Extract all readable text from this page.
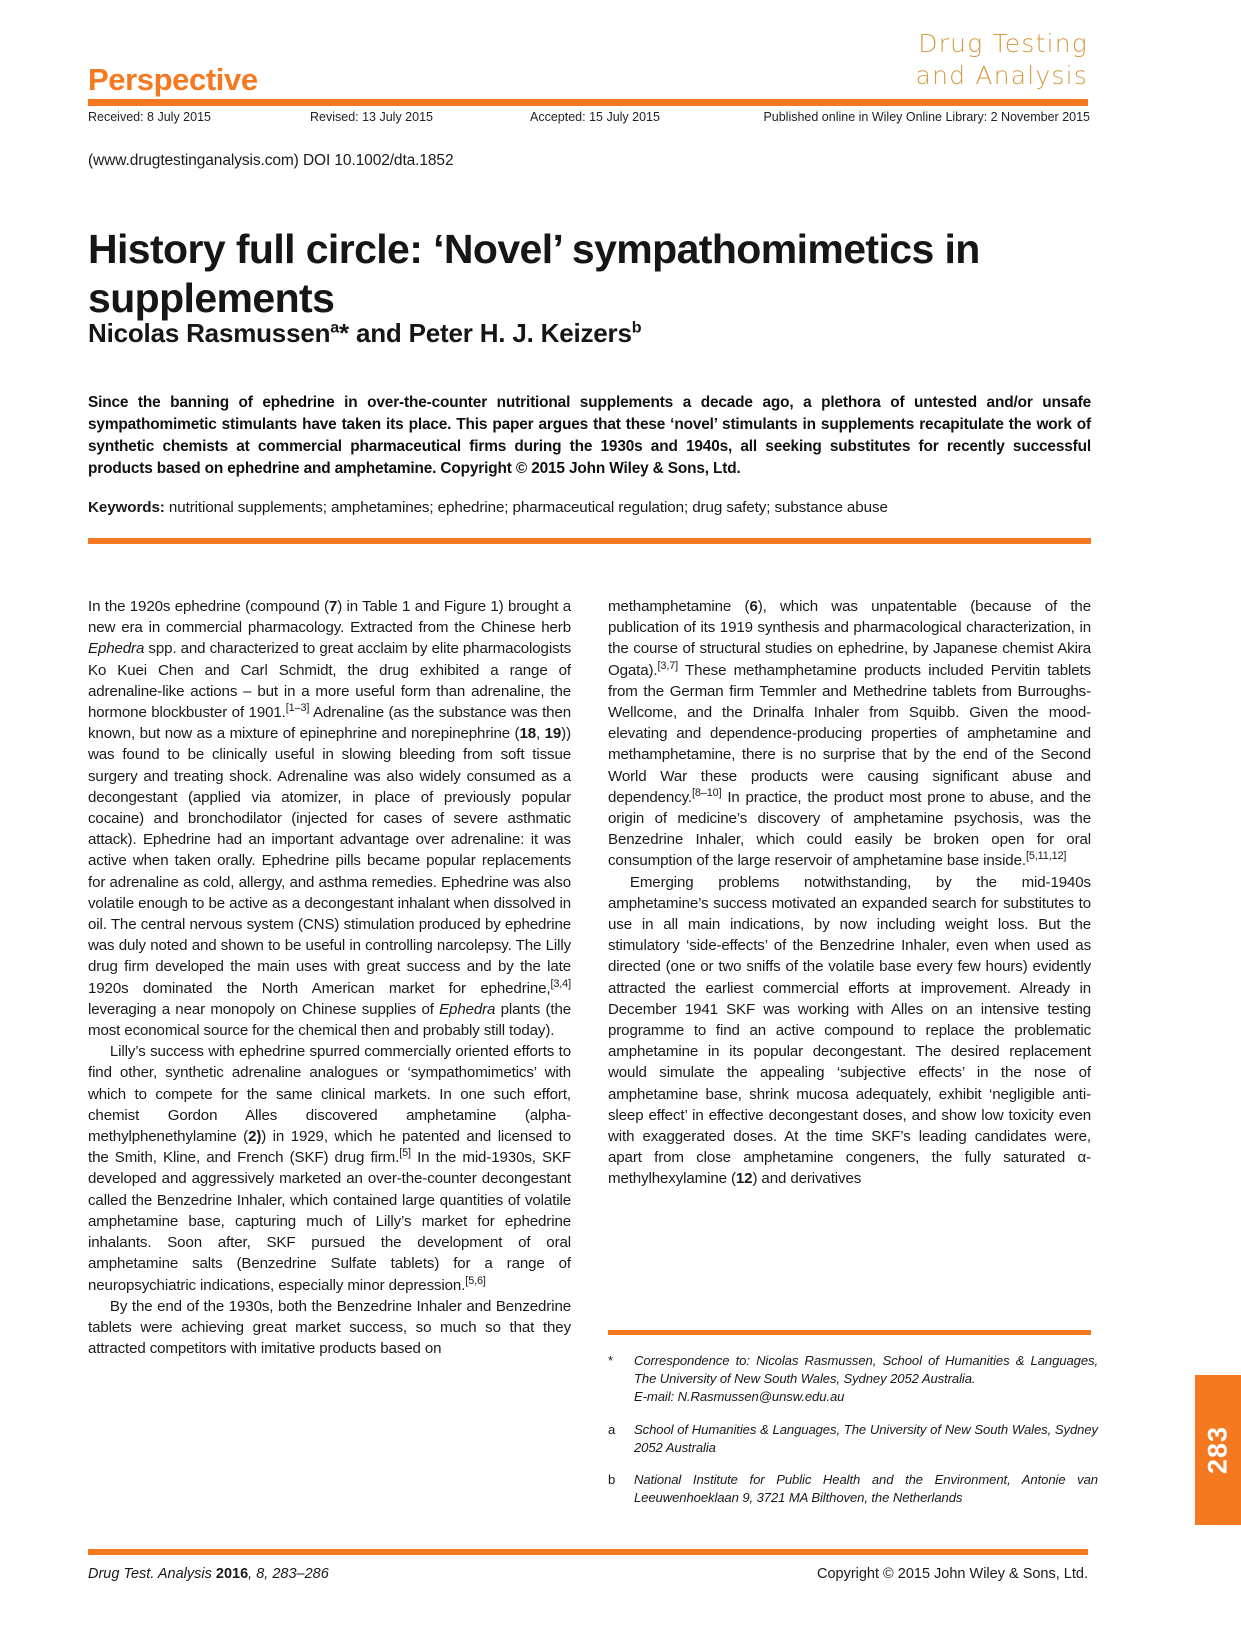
Perspective
Drug Testing
and Analysis
Received: 8 July 2015	Revised: 13 July 2015	Accepted: 15 July 2015	Published online in Wiley Online Library: 2 November 2015
(www.drugtestinganalysis.com) DOI 10.1002/dta.1852
History full circle: ‘Novel’ sympathomimetics in supplements
Nicolas Rasmussen$^a$* and Peter H. J. Keizers$^b$
Since the banning of ephedrine in over-the-counter nutritional supplements a decade ago, a plethora of untested and/or unsafe sympathomimetic stimulants have taken its place. This paper argues that these ‘novel’ stimulants in supplements recapitulate the work of synthetic chemists at commercial pharmaceutical firms during the 1930s and 1940s, all seeking substitutes for recently successful products based on ephedrine and amphetamine. Copyright © 2015 John Wiley & Sons, Ltd.
Keywords: nutritional supplements; amphetamines; ephedrine; pharmaceutical regulation; drug safety; substance abuse

In the 1920s ephedrine (compound (7) in Table 1 and Figure 1) brought a new era in commercial pharmacology. Extracted from the Chinese herb Ephedra spp. and characterized to great acclaim by elite pharmacologists Ko Kuei Chen and Carl Schmidt, the drug exhibited a range of adrenaline-like actions – but in a more useful form than adrenaline, the hormone blockbuster of 1901.[1–3] Adrenaline (as the substance was then known, but now as a mixture of epinephrine and norepinephrine (18, 19)) was found to be clinically useful in slowing bleeding from soft tissue surgery and treating shock. Adrenaline was also widely consumed as a decongestant (applied via atomizer, in place of previously popular cocaine) and bronchodilator (injected for cases of severe asthmatic attack). Ephedrine had an important advantage over adrenaline: it was active when taken orally. Ephedrine pills became popular replacements for adrenaline as cold, allergy, and asthma remedies. Ephedrine was also volatile enough to be active as a decongestant inhalant when dissolved in oil. The central nervous system (CNS) stimulation produced by ephedrine was duly noted and shown to be useful in controlling narcolepsy. The Lilly drug firm developed the main uses with great success and by the late 1920s dominated the North American market for ephedrine,[3,4] leveraging a near monopoly on Chinese supplies of Ephedra plants (the most economical source for the chemical then and probably still today).

Lilly’s success with ephedrine spurred commercially oriented efforts to find other, synthetic adrenaline analogues or ‘sympathomimetics’ with which to compete for the same clinical markets. In one such effort, chemist Gordon Alles discovered amphetamine (alpha-methylphenethylamine (2)) in 1929, which he patented and licensed to the Smith, Kline, and French (SKF) drug firm.[5] In the mid-1930s, SKF developed and aggressively marketed an over-the-counter decongestant called the Benzedrine Inhaler, which contained large quantities of volatile amphetamine base, capturing much of Lilly’s market for ephedrine inhalants. Soon after, SKF pursued the development of oral amphetamine salts (Benzedrine Sulfate tablets) for a range of neuropsychiatric indications, especially minor depression.[5,6]

By the end of the 1930s, both the Benzedrine Inhaler and Benzedrine tablets were achieving great market success, so much so that they attracted competitors with imitative products based on

methamphetamine (6), which was unpatentable (because of the publication of its 1919 synthesis and pharmacological characterization, in the course of structural studies on ephedrine, by Japanese chemist Akira Ogata).[3,7] These methamphetamine products included Pervitin tablets from the German firm Temmler and Methedrine tablets from Burroughs-Wellcome, and the Drinalfa Inhaler from Squibb. Given the mood-elevating and dependence-producing properties of amphetamine and methamphetamine, there is no surprise that by the end of the Second World War these products were causing significant abuse and dependency.[8–10] In practice, the product most prone to abuse, and the origin of medicine’s discovery of amphetamine psychosis, was the Benzedrine Inhaler, which could easily be broken open for oral consumption of the large reservoir of amphetamine base inside.[5,11,12]

Emerging problems notwithstanding, by the mid-1940s amphetamine’s success motivated an expanded search for substitutes to use in all main indications, by now including weight loss. But the stimulatory ‘side-effects’ of the Benzedrine Inhaler, even when used as directed (one or two sniffs of the volatile base every few hours) evidently attracted the earliest commercial efforts at improvement. Already in December 1941 SKF was working with Alles on an intensive testing programme to find an active compound to replace the problematic amphetamine in its popular decongestant. The desired replacement would simulate the appealing ‘subjective effects’ in the nose of amphetamine base, shrink mucosa adequately, exhibit ‘negligible anti-sleep effect’ in effective decongestant doses, and show low toxicity even with exaggerated doses. At the time SKF’s leading candidates were, apart from close amphetamine congeners, the fully saturated α-methylhexylamine (12) and derivatives

* Correspondence to: Nicolas Rasmussen, School of Humanities & Languages, The University of New South Wales, Sydney 2052 Australia.
E-mail: N.Rasmussen@unsw.edu.au
a School of Humanities & Languages, The University of New South Wales, Sydney 2052 Australia
b National Institute for Public Health and the Environment, Antonie van Leeuwenhoeklaan 9, 3721 MA Bilthoven, the Netherlands
283
Drug Test. Analysis 2016, 8, 283–286	Copyright © 2015 John Wiley & Sons, Ltd.
